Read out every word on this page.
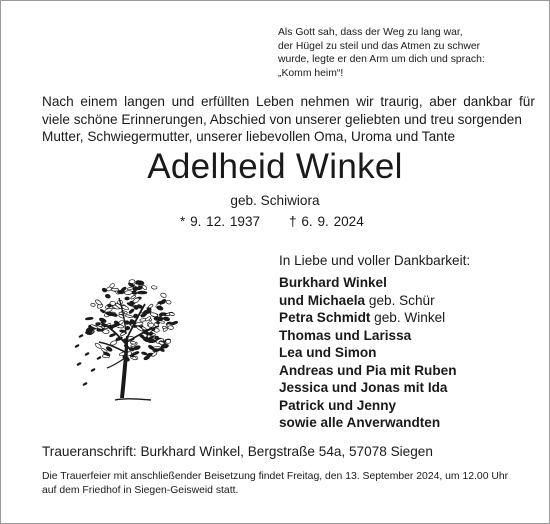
Als Gott sah, dass der Weg zu lang war,
der Hügel zu steil und das Atmen zu schwer
wurde, legte er den Arm um dich und sprach:
„Komm heim“!
Nach einem langen und erfüllten Leben nehmen wir traurig, aber dankbar für
viele schöne Erinnerungen, Abschied von unserer geliebten und treu sorgenden
Mutter, Schwiegermutter, unserer liebevollen Oma, Uroma und Tante
Adelheid Winkel
geb. Schiwiora
* 9. 12. 1937 † 6. 9. 2024
In Liebe und voller Dankbarkeit:
Burkhard Winkel
und Michaela geb. Schür
Petra Schmidt geb. Winkel
Thomas und Larissa
Lea und Simon
Andreas und Pia mit Ruben
Jessica und Jonas mit Ida
Patrick und Jenny
sowie alle Anverwandten
Traueranschrift: Burkhard Winkel, Bergstraße 54a, 57078 Siegen
Die Trauerfeier mit anschließender Beisetzung findet Freitag, den 13. September 2024, um 12.00 Uhr
auf dem Friedhof in Siegen-Geisweid statt.
